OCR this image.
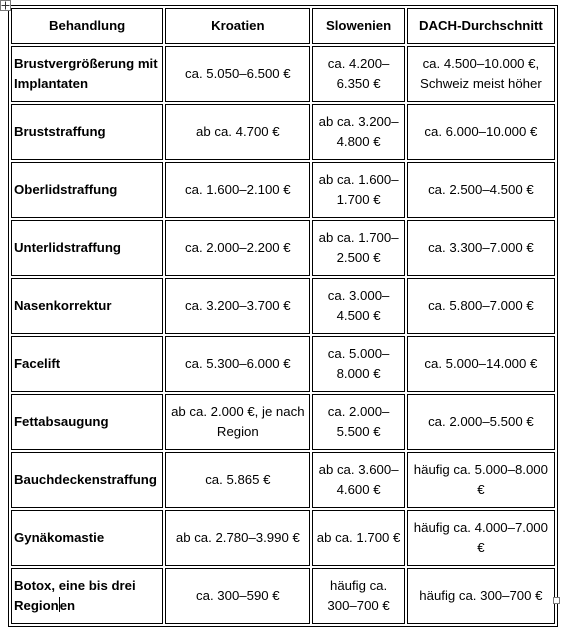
Behandlung	Kroatien	Slowenien	DACH-Durchschnitt
Brustvergrößerung mit Implantaten	ca. 5.050–6.500 €	ca. 4.200–6.350 €	ca. 4.500–10.000 €, Schweiz meist höher
Bruststraffung	ab ca. 4.700 €	ab ca. 3.200–4.800 €	ca. 6.000–10.000 €
Oberlidstraffung	ca. 1.600–2.100 €	ab ca. 1.600–1.700 €	ca. 2.500–4.500 €
Unterlidstraffung	ca. 2.000–2.200 €	ab ca. 1.700–2.500 €	ca. 3.300–7.000 €
Nasenkorrektur	ca. 3.200–3.700 €	ca. 3.000–4.500 €	ca. 5.800–7.000 €
Facelift	ca. 5.300–6.000 €	ca. 5.000–8.000 €	ca. 5.000–14.000 €
Fettabsaugung	ab ca. 2.000 €, je nach Region	ca. 2.000–5.500 €	ca. 2.000–5.500 €
Bauchdeckenstraffung	ca. 5.865 €	ab ca. 3.600–4.600 €	häufig ca. 5.000–8.000 €
Gynäkomastie	ab ca. 2.780–3.990 €	ab ca. 1.700 €	häufig ca. 4.000–7.000 €
Botox, eine bis drei Regionen	ca. 300–590 €	häufig ca. 300–700 €	häufig ca. 300–700 €
